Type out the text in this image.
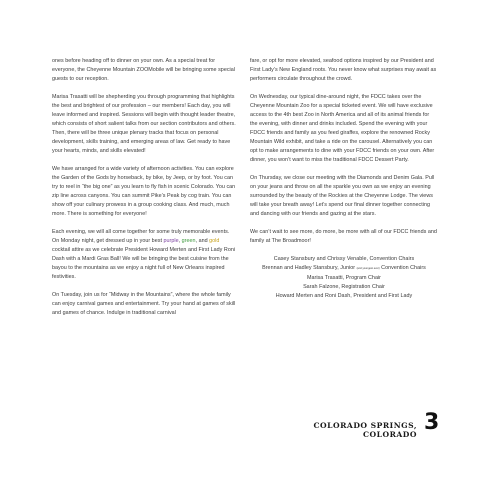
ones before heading off to dinner on your own. As a special treat for everyone, the Cheyenne Mountain ZOOMobile will be bringing some special guests to our reception.

Marisa Trasatti will be shepherding you through programming that highlights the best and brightest of our profession – our members! Each day, you will leave informed and inspired. Sessions will begin with thought leader theatre, which consists of short salient talks from our section contributors and others. Then, there will be three unique plenary tracks that focus on personal development, skills training, and emerging areas of law. Get ready to have your hearts, minds, and skills elevated!

We have arranged for a wide variety of afternoon activities. You can explore the Garden of the Gods by horseback, by bike, by Jeep, or by foot. You can try to reel in “the big one” as you learn to fly fish in scenic Colorado. You can zip line across canyons. You can summit Pike’s Peak by cog train. You can show off your culinary prowess in a group cooking class. And much, much more. There is something for everyone!

Each evening, we will all come together for some truly memorable events. On Monday night, get dressed up in your best purple, green, and gold cocktail attire as we celebrate President Howard Merten and First Lady Roni Dash with a Mardi Gras Ball! We will be bringing the best cuisine from the bayou to the mountains as we enjoy a night full of New Orleans inspired festivities.

On Tuesday, join us for “Midway in the Mountains”, where the whole family can enjoy carnival games and entertainment. Try your hand at games of skill and games of chance. Indulge in traditional carnival

fare, or opt for more elevated, seafood options inspired by our President and First Lady’s New England roots. You never know what surprises may await as performers circulate throughout the crowd.

On Wednesday, our typical dine-around night, the FDCC takes over the Cheyenne Mountain Zoo for a special ticketed event. We will have exclusive access to the 4th best Zoo in North America and all of its animal friends for the evening, with dinner and drinks included. Spend the evening with your FDCC friends and family as you feed giraffes, explore the renowned Rocky Mountain Wild exhibit, and take a ride on the carousel. Alternatively you can opt to make arrangements to dine with your FDCC friends on your own. After dinner, you won’t want to miss the traditional FDCC Dessert Party.

On Thursday, we close our meeting with the Diamonds and Denim Gala. Pull on your jeans and throw on all the sparkle you own as we enjoy an evening surrounded by the beauty of the Rockies at the Cheyenne Lodge. The views will take your breath away! Let’s spend our final dinner together connecting and dancing with our friends and gazing at the stars.

We can’t wait to see more, do more, be more with all of our FDCC friends and family at The Broadmoor!

Casey Stansbury and Chrissy Venable, Convention Chairs

Brennan and Hadley Stansbury, Junior (and youngest ever) Convention Chairs

Marisa Trasatti, Program Chair

Sarah Falzone, Registration Chair

Howard Merten and Roni Dash, President and First Lady

COLORADO SPRINGS, COLORADO 3
